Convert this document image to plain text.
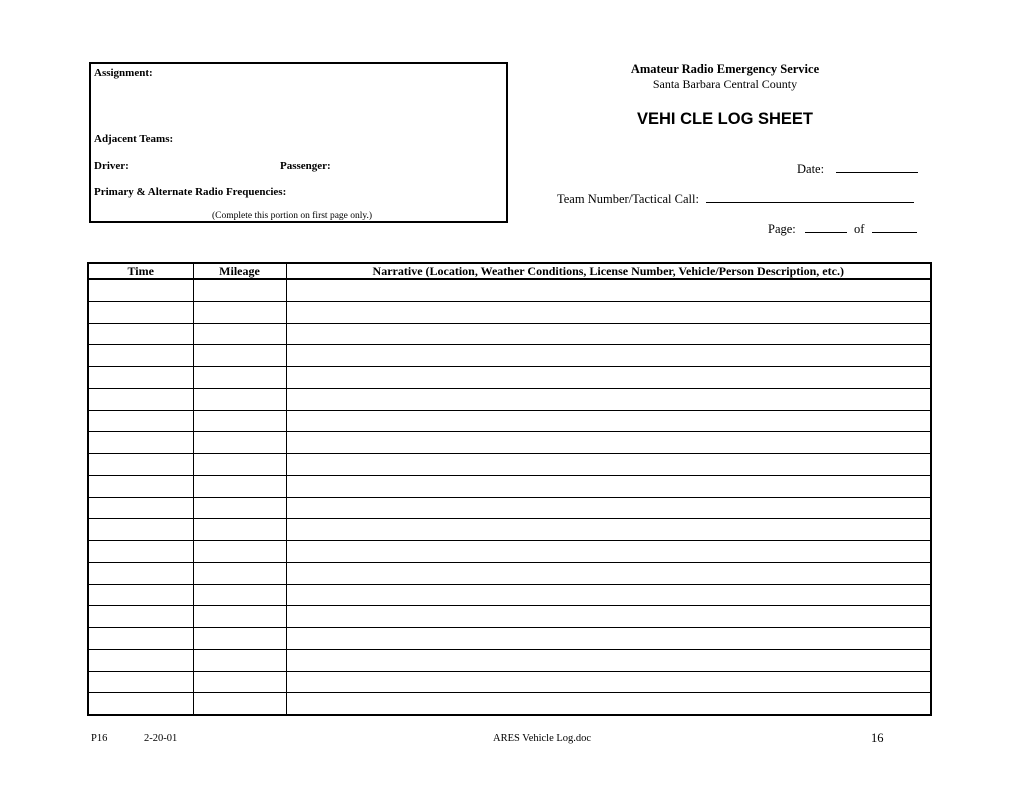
Assignment:
Adjacent Teams:
Driver:	Passenger:
Primary & Alternate Radio Frequencies:
(Complete this portion on first page only.)
Amateur Radio Emergency Service
Santa Barbara Central County
VEHI CLE LOG SHEET
Date:
Team Number/Tactical Call:
Page:	of
Time	Mileage	Narrative (Location, Weather Conditions, License Number, Vehicle/Person Description, etc.)

P16	2-20-01	ARES Vehicle Log.doc	16
